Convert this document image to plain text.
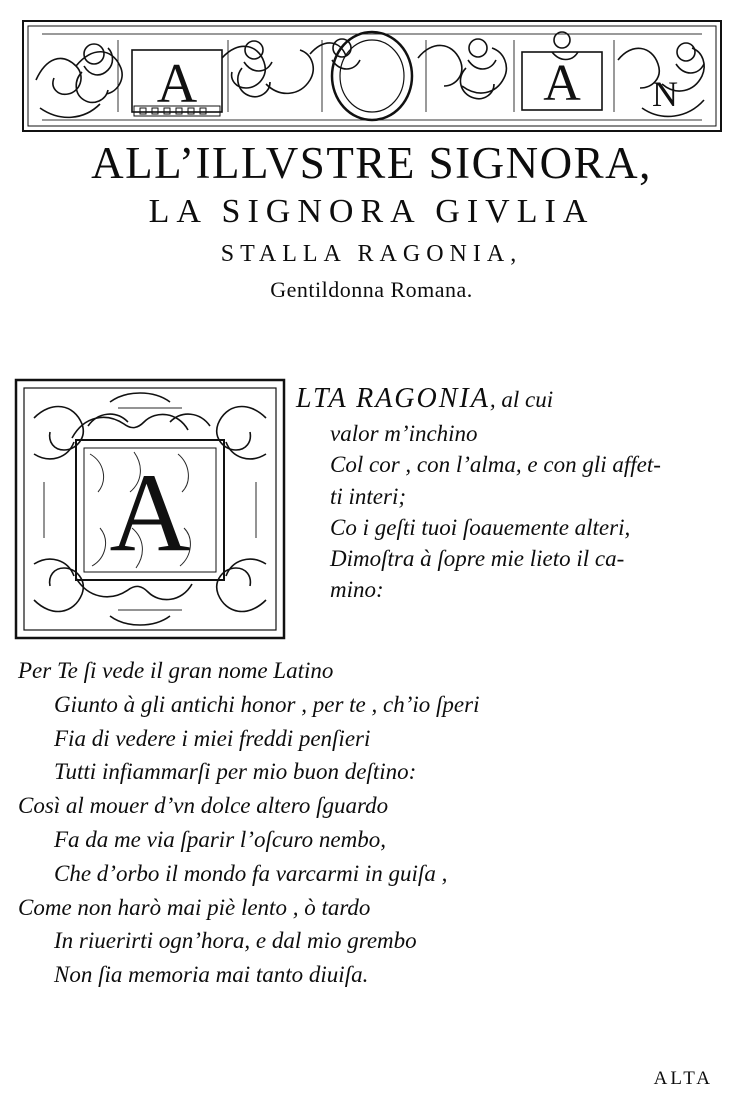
A	A N
ALL’ILLVSTRE SIGNORA,
LA SIGNORA GIVLIA
STALLA RAGONIA,
Gentildonna Romana.
A
LTA RAGONIA, al cui
valor m’inchino
Col cor , con l’alma, e con gli affet-
ti interi;
Co i geſti tuoi ſoauemente alteri,
Dimoſtra à ſopre mie lieto il ca-
mino:
Per Te ſi vede il gran nome Latino
Giunto à gli antichi honor , per te , ch’io ſperi
Fia di vedere i miei freddi penſieri
Tutti infiammarſi per mio buon deſtino:
Così al mouer d’vn dolce altero ſguardo
Fa da me via ſparir l’oſcuro nembo,
Che d’orbo il mondo fa varcarmi in guiſa ,
Come non harò mai piè lento , ò tardo
In riuerirti ogn’hora, e dal mio grembo
Non ſia memoria mai tanto diuiſa.
ALTA
